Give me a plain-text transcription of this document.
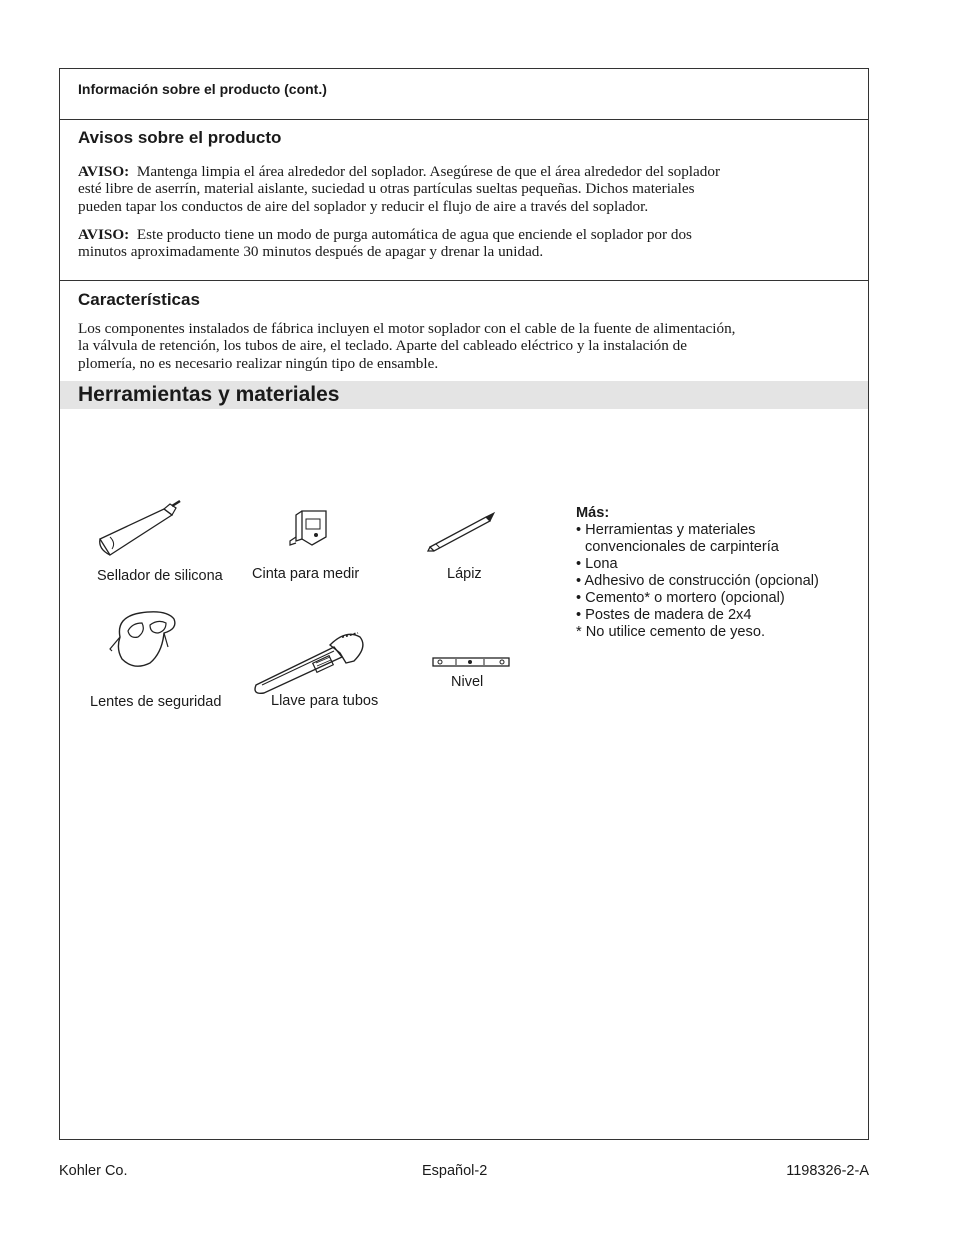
Información sobre el producto (cont.)
Avisos sobre el producto
AVISO: Mantenga limpia el área alrededor del soplador. Asegúrese de que el área alrededor del soplador
esté libre de aserrín, material aislante, suciedad u otras partículas sueltas pequeñas. Dichos materiales
pueden tapar los conductos de aire del soplador y reducir el flujo de aire a través del soplador.
AVISO: Este producto tiene un modo de purga automática de agua que enciende el soplador por dos
minutos aproximadamente 30 minutos después de apagar y drenar la unidad.
Características
Los componentes instalados de fábrica incluyen el motor soplador con el cable de la fuente de alimentación,
la válvula de retención, los tubos de aire, el teclado. Aparte del cableado eléctrico y la instalación de
plomería, no es necesario realizar ningún tipo de ensamble.
Herramientas y materiales
Sellador de silicona Cinta para medir	Lápiz
Lentes de seguridad	Llave para tubos
Nivel
Más:
• Herramientas y materiales
convencionales de carpintería
• Lona
• Adhesivo de construcción (opcional)
• Cemento* o mortero (opcional)
• Postes de madera de 2x4
* No utilice cemento de yeso.
Kohler Co.	Español-2	1198326-2-A
